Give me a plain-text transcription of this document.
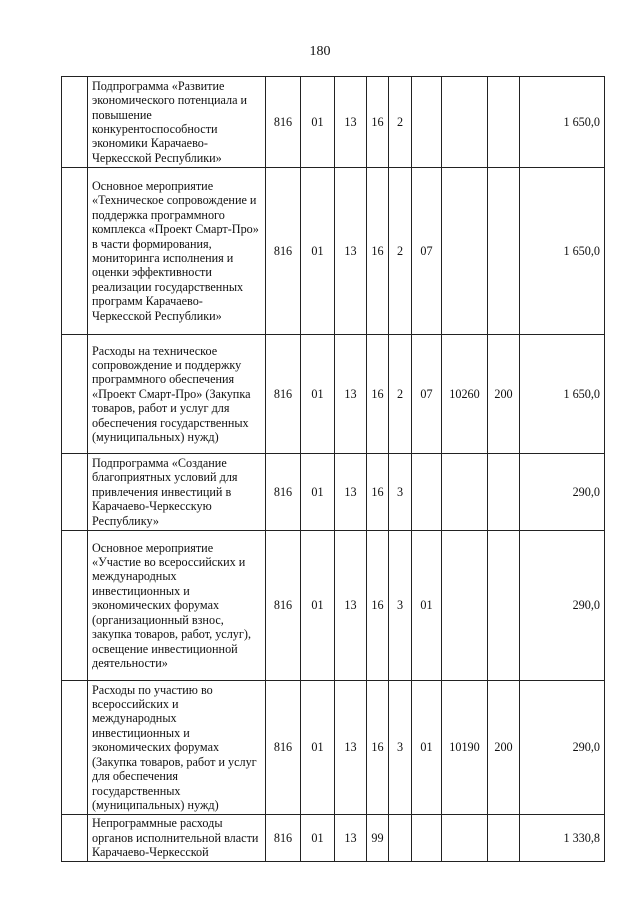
180
	Подпрограмма «Развитие экономического потенциала и повышение конкурентоспособности экономики Карачаево-Черкесской Республики»	816	01	13	16	2				1 650,0
	Основное мероприятие «Техническое сопровождение и поддержка программного комплекса «Проект Смарт-Про» в части формирования, мониторинга исполнения и оценки эффективности реализации государственных программ Карачаево-Черкесской Республики»	816	01	13	16	2	07			1 650,0
	Расходы на техническое сопровождение и поддержку программного обеспечения «Проект Смарт-Про» (Закупка товаров, работ и услуг для обеспечения государственных (муниципальных) нужд)	816	01	13	16	2	07	10260	200	1 650,0
	Подпрограмма «Создание благоприятных условий для привлечения инвестиций в Карачаево-Черкесскую Республику»	816	01	13	16	3				290,0
	Основное мероприятие «Участие во всероссийских и международных инвестиционных и экономических форумах (организационный взнос, закупка товаров, работ, услуг), освещение инвестиционной деятельности»	816	01	13	16	3	01			290,0
	Расходы по участию во всероссийских и международных инвестиционных и экономических форумах (Закупка товаров, работ и услуг для обеспечения государственных (муниципальных) нужд)	816	01	13	16	3	01	10190	200	290,0
	Непрограммные расходы органов исполнительной власти Карачаево-Черкесской	816	01	13	99					1 330,8
